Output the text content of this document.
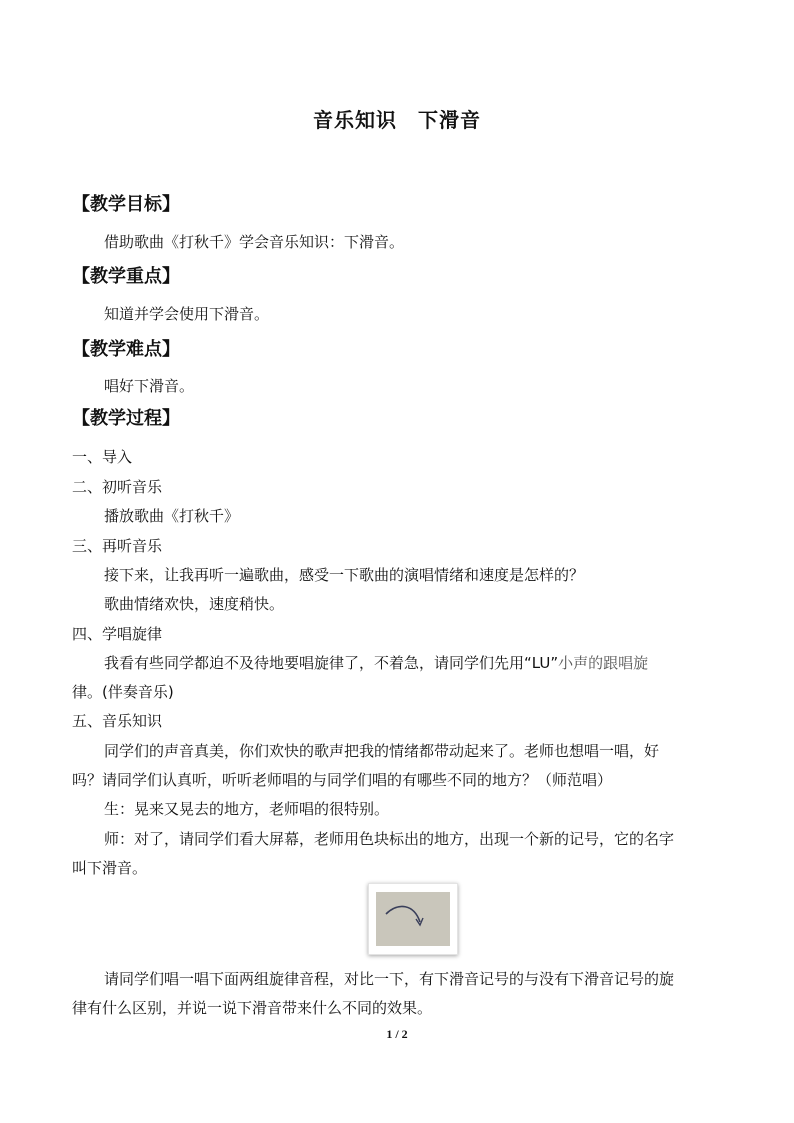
音乐知识　下滑音
【教学目标】
借助歌曲《打秋千》学会音乐知识：下滑音。
【教学重点】
知道并学会使用下滑音。
【教学难点】
唱好下滑音。
【教学过程】
一、导入
二、初听音乐
播放歌曲《打秋千》
三、再听音乐
接下来，让我再听一遍歌曲，感受一下歌曲的演唱情绪和速度是怎样的？
歌曲情绪欢快，速度稍快。
四、学唱旋律
我看有些同学都迫不及待地要唱旋律了，不着急，请同学们先用“LU”小声的跟唱旋
律。(伴奏音乐)
五、音乐知识
同学们的声音真美，你们欢快的歌声把我的情绪都带动起来了。老师也想唱一唱，好
吗？请同学们认真听，听听老师唱的与同学们唱的有哪些不同的地方？（师范唱）
生：晃来又晃去的地方，老师唱的很特别。
师：对了，请同学们看大屏幕，老师用色块标出的地方，出现一个新的记号，它的名字
叫下滑音。
请同学们唱一唱下面两组旋律音程，对比一下，有下滑音记号的与没有下滑音记号的旋
律有什么区别，并说一说下滑音带来什么不同的效果。
1 / 2
